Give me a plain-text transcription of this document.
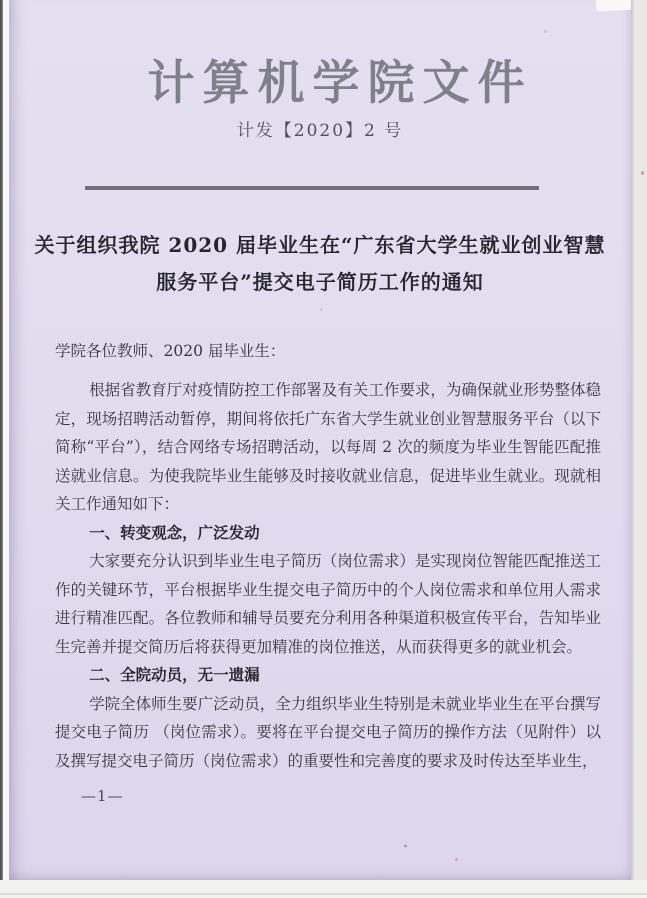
计算机学院文件
计发【2020】2 号
关于组织我院 2020 届毕业生在“广东省大学生就业创业智慧
服务平台”提交电子简历工作的通知
学院各位教师、2020 届毕业生：

根据省教育厅对疫情防控工作部署及有关工作要求，为确保就业形势整体稳定，现场招聘活动暂停，期间将依托广东省大学生就业创业智慧服务平台（以下简称“平台”），结合网络专场招聘活动，以每周 2 次的频度为毕业生智能匹配推送就业信息。为使我院毕业生能够及时接收就业信息，促进毕业生就业。现就相关工作通知如下：

一、转变观念，广泛发动

大家要充分认识到毕业生电子简历（岗位需求）是实现岗位智能匹配推送工作的关键环节，平台根据毕业生提交电子简历中的个人岗位需求和单位用人需求进行精准匹配。各位教师和辅导员要充分利用各种渠道积极宣传平台，告知毕业生完善并提交简历后将获得更加精准的岗位推送，从而获得更多的就业机会。

二、全院动员，无一遗漏

学院全体师生要广泛动员，全力组织毕业生特别是未就业毕业生在平台撰写提交电子简历 （岗位需求）。要将在平台提交电子简历的操作方法（见附件）以及撰写提交电子简历（岗位需求）的重要性和完善度的要求及时传达至毕业生，

—1—
